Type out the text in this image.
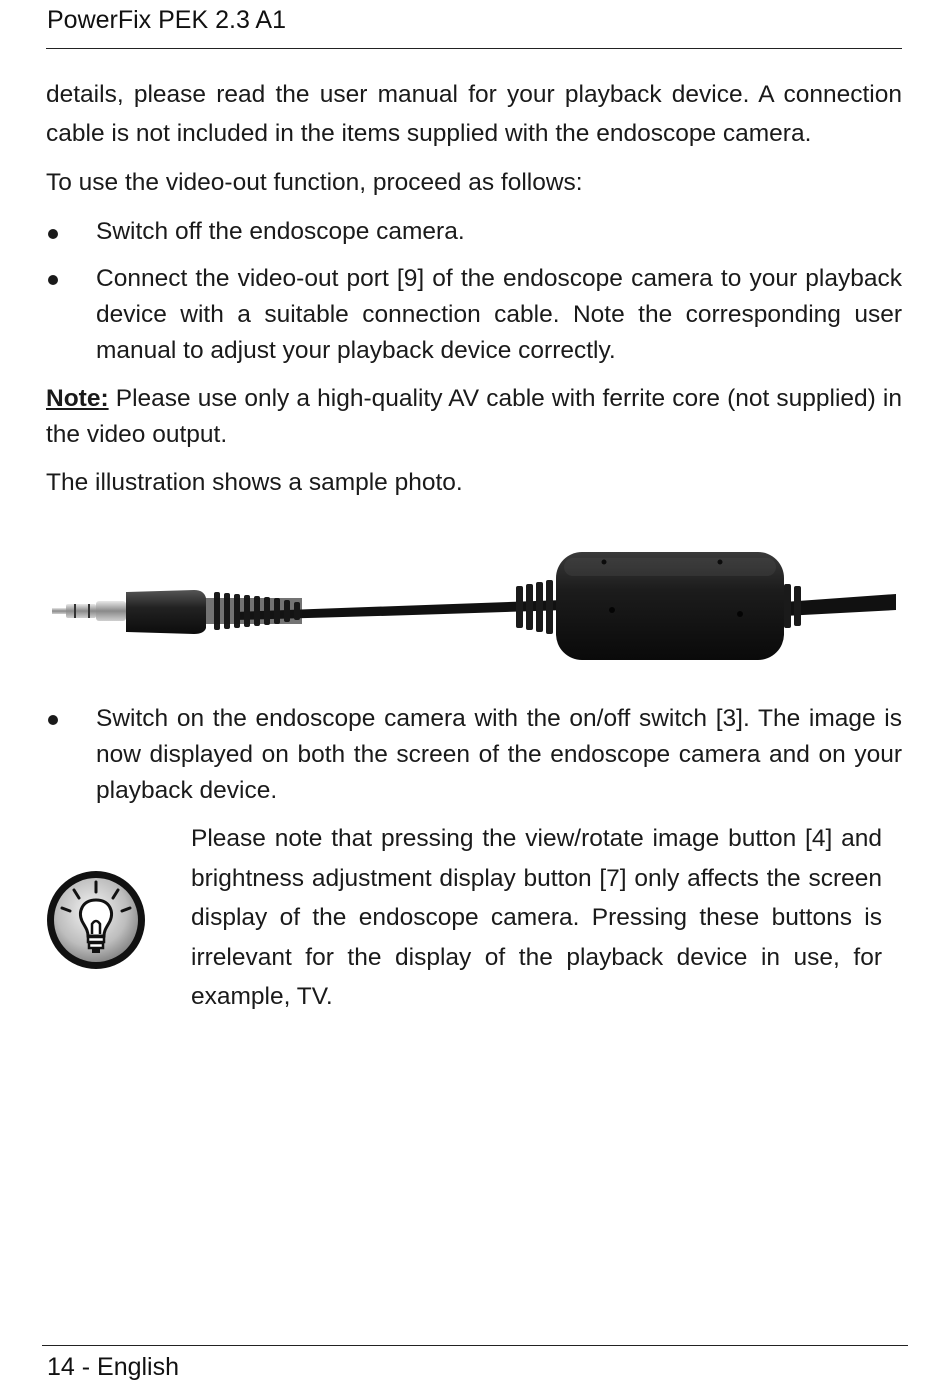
PowerFix PEK 2.3 A1
details, please read the user manual for your playback device. A connection cable is not included in the items supplied with the endoscope camera.
To use the video-out function, proceed as follows:
Switch off the endoscope camera.
Connect the video-out port [9] of the endoscope camera to your playback device with a suitable connection cable. Note the corresponding user manual to adjust your playback device correctly.
Note: Please use only a high-quality AV cable with ferrite core (not supplied) in the video output.
The illustration shows a sample photo.
Switch on the endoscope camera with the on/off switch [3]. The image is now displayed on both the screen of the endoscope camera and on your playback device.
Please note that pressing the view/rotate image button [4] and brightness adjustment display button [7] only affects the screen display of the endoscope camera. Pressing these buttons is irrelevant for the display of the playback device in use, for example, TV.
14 - English
